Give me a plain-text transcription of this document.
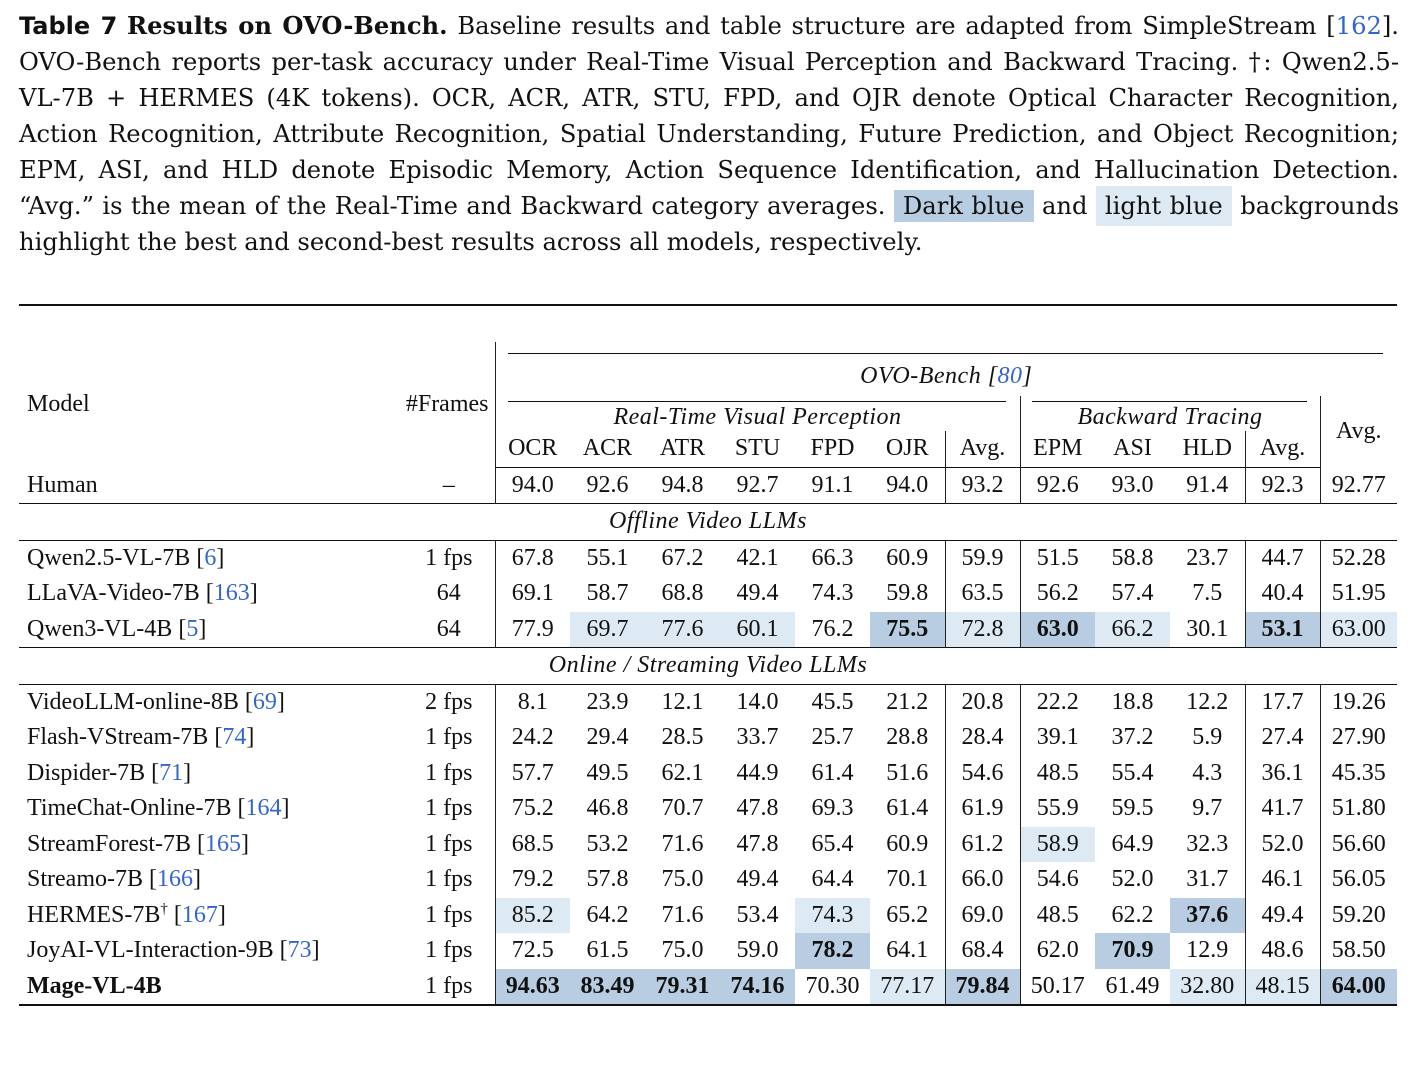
Table 7 Results on OVO-Bench. Baseline results and table structure are adapted from SimpleStream [162]. OVO-Bench reports per-task accuracy under Real-Time Visual Perception and Backward Tracing. †: Qwen2.5-VL-7B + HERMES (4K tokens). OCR, ACR, ATR, STU, FPD, and OJR denote Optical Character Recognition, Action Recognition, Attribute Recognition, Spatial Understanding, Future Prediction, and Object Recognition; EPM, ASI, and HLD denote Episodic Memory, Action Sequence Identification, and Hallucination Detection. “Avg.” is the mean of the Real-Time and Backward category averages. Dark blue and light blue backgrounds highlight the best and second-best results across all models, respectively.

Model	#Frames	OVO-Bench [80]											
		Real-Time Visual Perception							Backward Tracing				Avg.
		OCR	ACR	ATR	STU	FPD	OJR	Avg.	EPM	ASI	HLD	Avg.	
Human	–	94.0	92.6	94.8	92.7	91.1	94.0	93.2	92.6	93.0	91.4	92.3	92.77
Offline Video LLMs													
Qwen2.5-VL-7B [6]	1 fps	67.8	55.1	67.2	42.1	66.3	60.9	59.9	51.5	58.8	23.7	44.7	52.28
LLaVA-Video-7B [163]	64	69.1	58.7	68.8	49.4	74.3	59.8	63.5	56.2	57.4	7.5	40.4	51.95
Qwen3-VL-4B [5]	64	77.9	69.7	77.6	60.1	76.2	75.5	72.8	63.0	66.2	30.1	53.1	63.00
Online / Streaming Video LLMs													
VideoLLM-online-8B [69]	2 fps	8.1	23.9	12.1	14.0	45.5	21.2	20.8	22.2	18.8	12.2	17.7	19.26
Flash-VStream-7B [74]	1 fps	24.2	29.4	28.5	33.7	25.7	28.8	28.4	39.1	37.2	5.9	27.4	27.90
Dispider-7B [71]	1 fps	57.7	49.5	62.1	44.9	61.4	51.6	54.6	48.5	55.4	4.3	36.1	45.35
TimeChat-Online-7B [164]	1 fps	75.2	46.8	70.7	47.8	69.3	61.4	61.9	55.9	59.5	9.7	41.7	51.80
StreamForest-7B [165]	1 fps	68.5	53.2	71.6	47.8	65.4	60.9	61.2	58.9	64.9	32.3	52.0	56.60
Streamo-7B [166]	1 fps	79.2	57.8	75.0	49.4	64.4	70.1	66.0	54.6	52.0	31.7	46.1	56.05
HERMES-7B† [167]	1 fps	85.2	64.2	71.6	53.4	74.3	65.2	69.0	48.5	62.2	37.6	49.4	59.20
JoyAI-VL-Interaction-9B [73]	1 fps	72.5	61.5	75.0	59.0	78.2	64.1	68.4	62.0	70.9	12.9	48.6	58.50
Mage-VL-4B	1 fps	94.63	83.49	79.31	74.16	70.30	77.17	79.84	50.17	61.49	32.80	48.15	64.00
